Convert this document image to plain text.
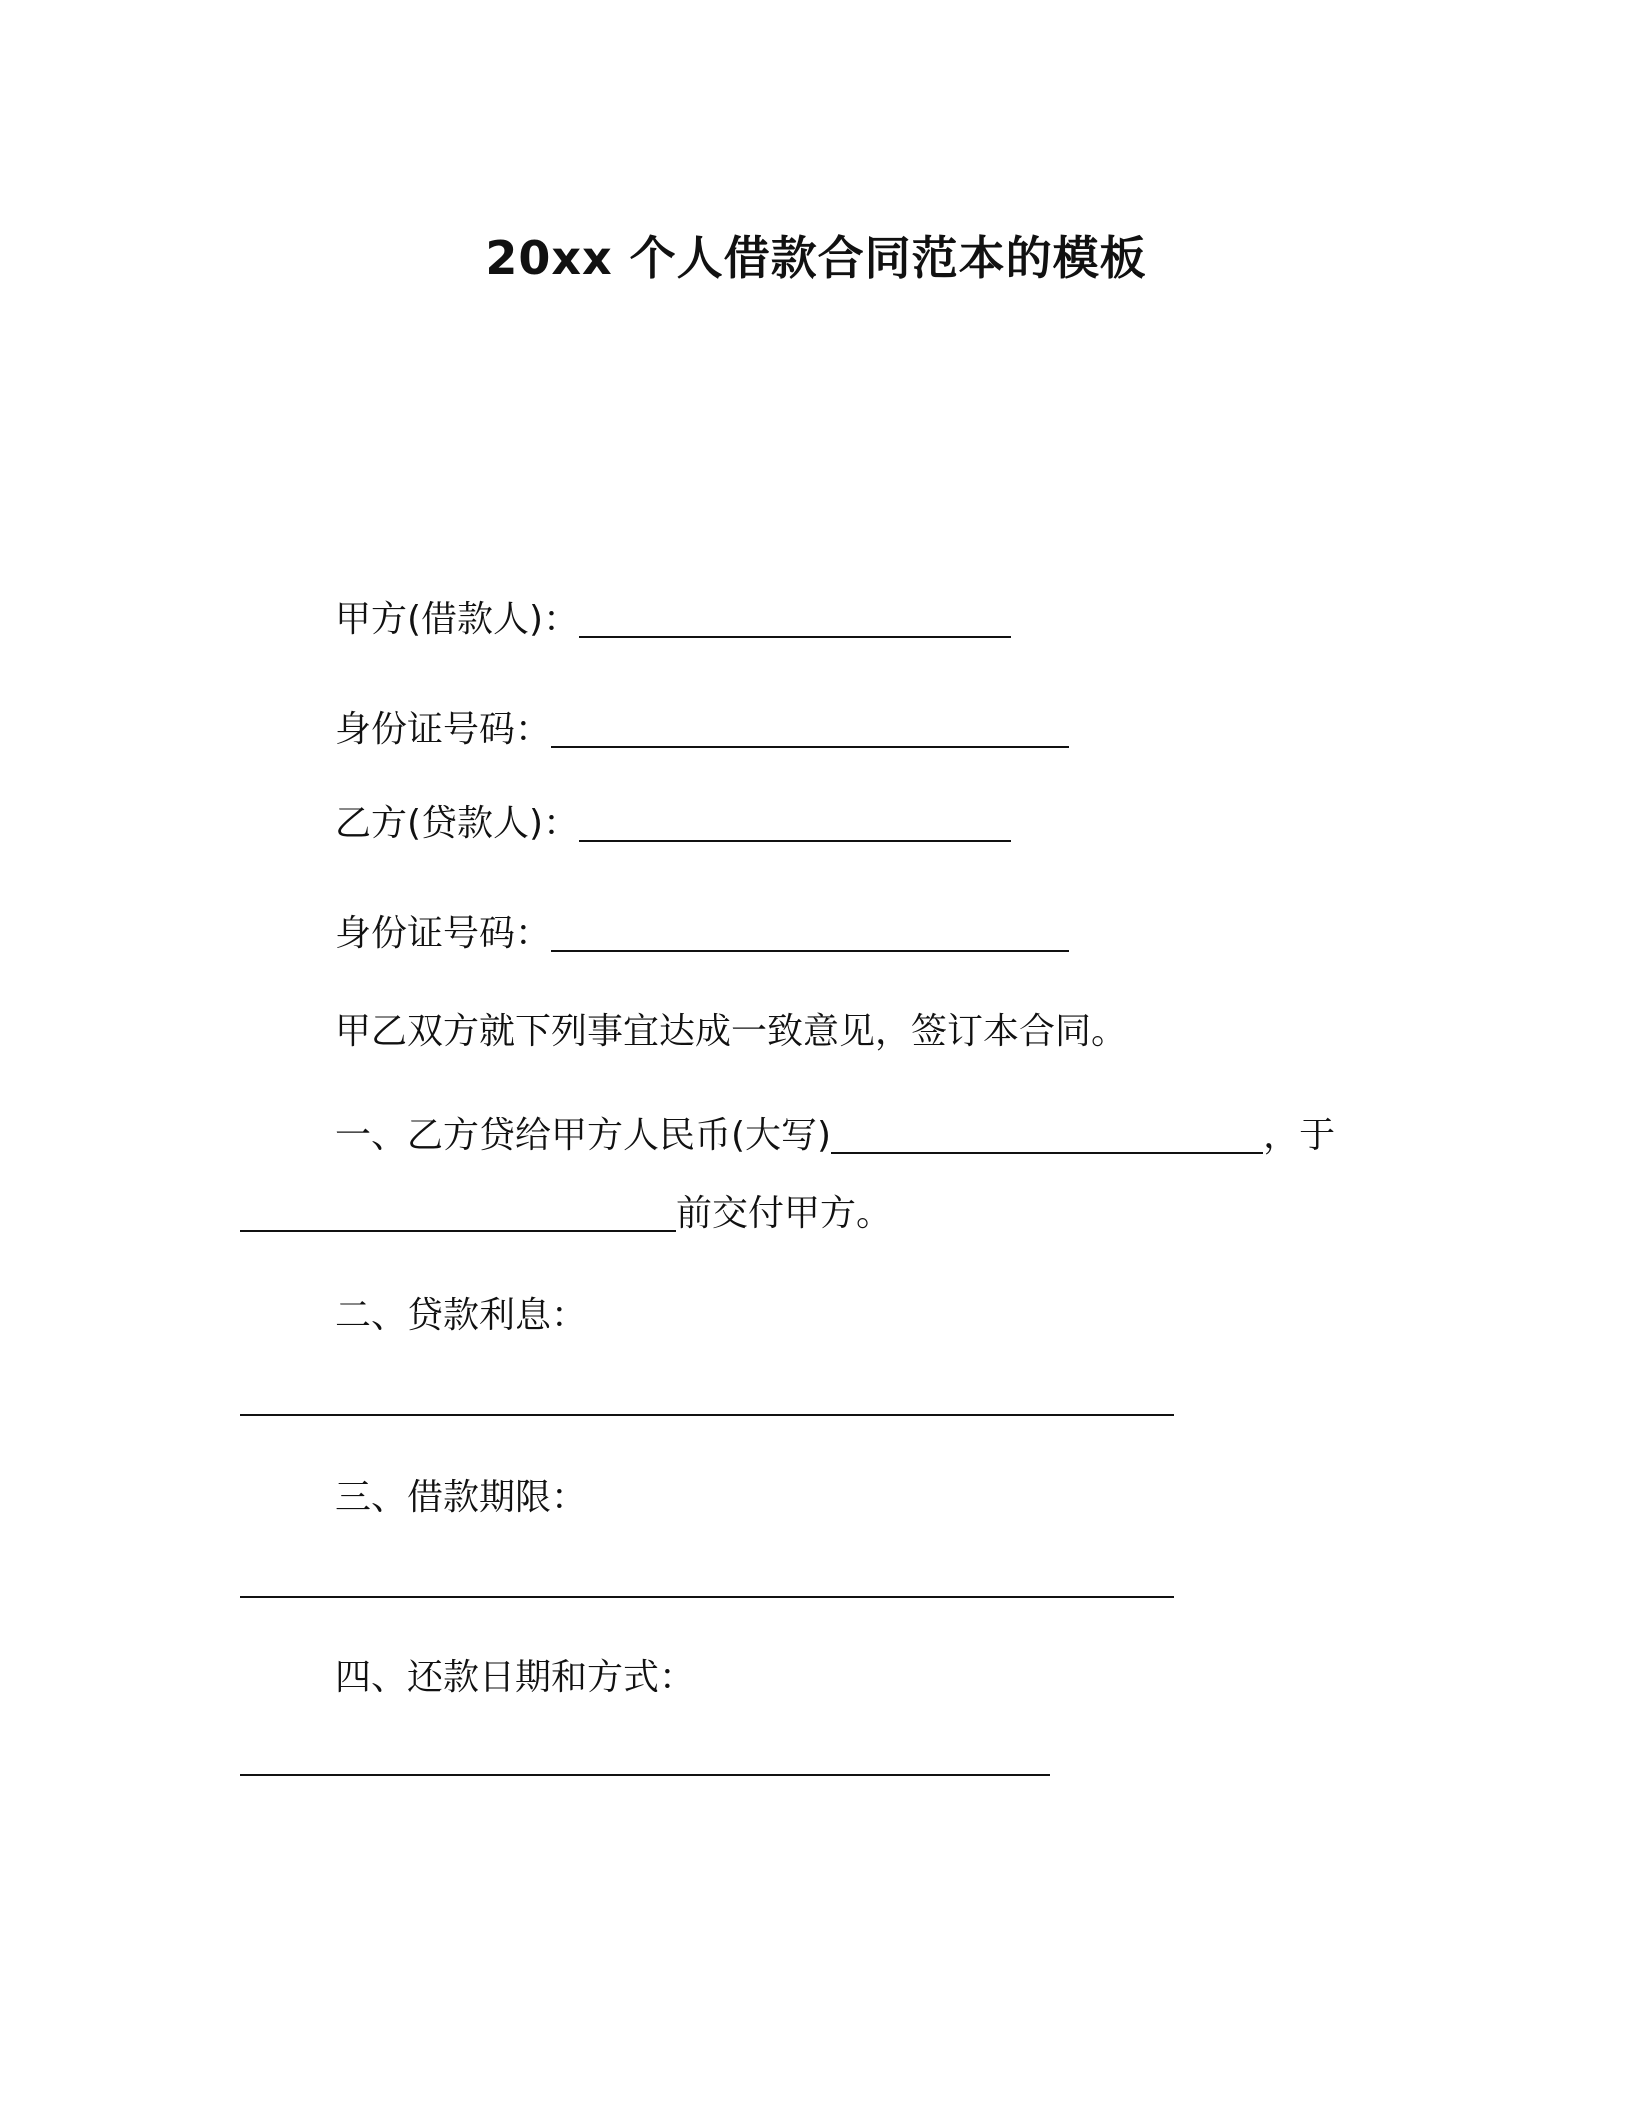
20xx 个人借款合同范本的模板
甲方(借款人)：
身份证号码：
乙方(贷款人)：
身份证号码：
甲乙双方就下列事宜达成一致意见，签订本合同。
一、乙方贷给甲方人民币(大写)	，于
前交付甲方。
二、贷款利息：
三、借款期限：
四、还款日期和方式：
